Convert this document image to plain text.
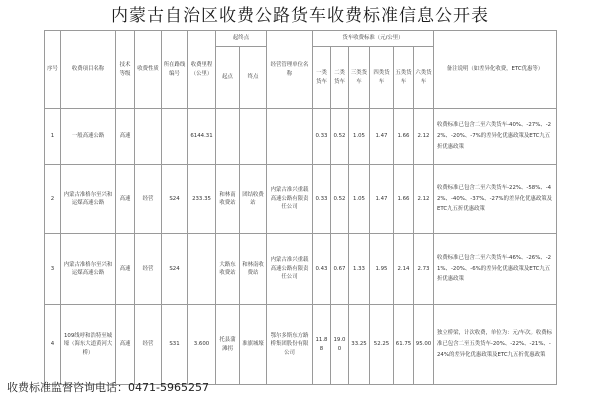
内蒙古自治区收费公路货车收费标准信息公开表
序号	收费项目名称	技术等级	收费性质	所在路线编号	收费里程（公里）	起终点		经营管理单位名称	货车收费标准（元/公里）						备注说明（如差异化收费，ETC优惠等）
						起点	终点		一类货车	二类货车	三类货车	四类货车	五类货车	六类货车	
1	一般高速公路	高速			6144.31				0.33	0.52	1.05	1.47	1.66	2.12	收费标准已包含二至六类货车-40%、-27%、-22%、-20%、-7%的差异化优惠政策及ETC九五折优惠政策
2	内蒙古准格尔至兴和运煤高速公路	高速	经营	S24	233.35	和林南收费站	团结收费站	内蒙古准兴重载高速公路有限责任公司	0.33	0.52	1.05	1.47	1.66	2.12	收费标准已包含二至六类货车-22%、-58%、-42%、-40%、-37%、-27%的差异化优惠政策及ETC九五折优惠政策
3	内蒙古准格尔至兴和运煤高速公路	高速	经营	S24		大路东收费站	和林南收费站	内蒙古准兴重载高速公路有限责任公司	0.43	0.67	1.33	1.95	2.14	2.73	收费标准已包含二至六类货车-46%、-26%、-21%、-20%、-6%的差异化优惠政策及ETC九五折优惠政策
4	109线呼和浩特至城壕（海东大道黄河大桥）	高速	经营	S31	3.600	托县蒲滩拐	准旗城壕	鄂尔多斯东方路桥集团股份有限公司	11.88	19.00	33.25	52.25	61.75	95.00	独立桥梁，计次收费，单位为：元/车次。收费标准已包含二至五类货车-20%、-22%、-21%、-24%的差异化优惠政策及ETC九五折优惠政策
收费标准监督咨询电话：0471-5965257
